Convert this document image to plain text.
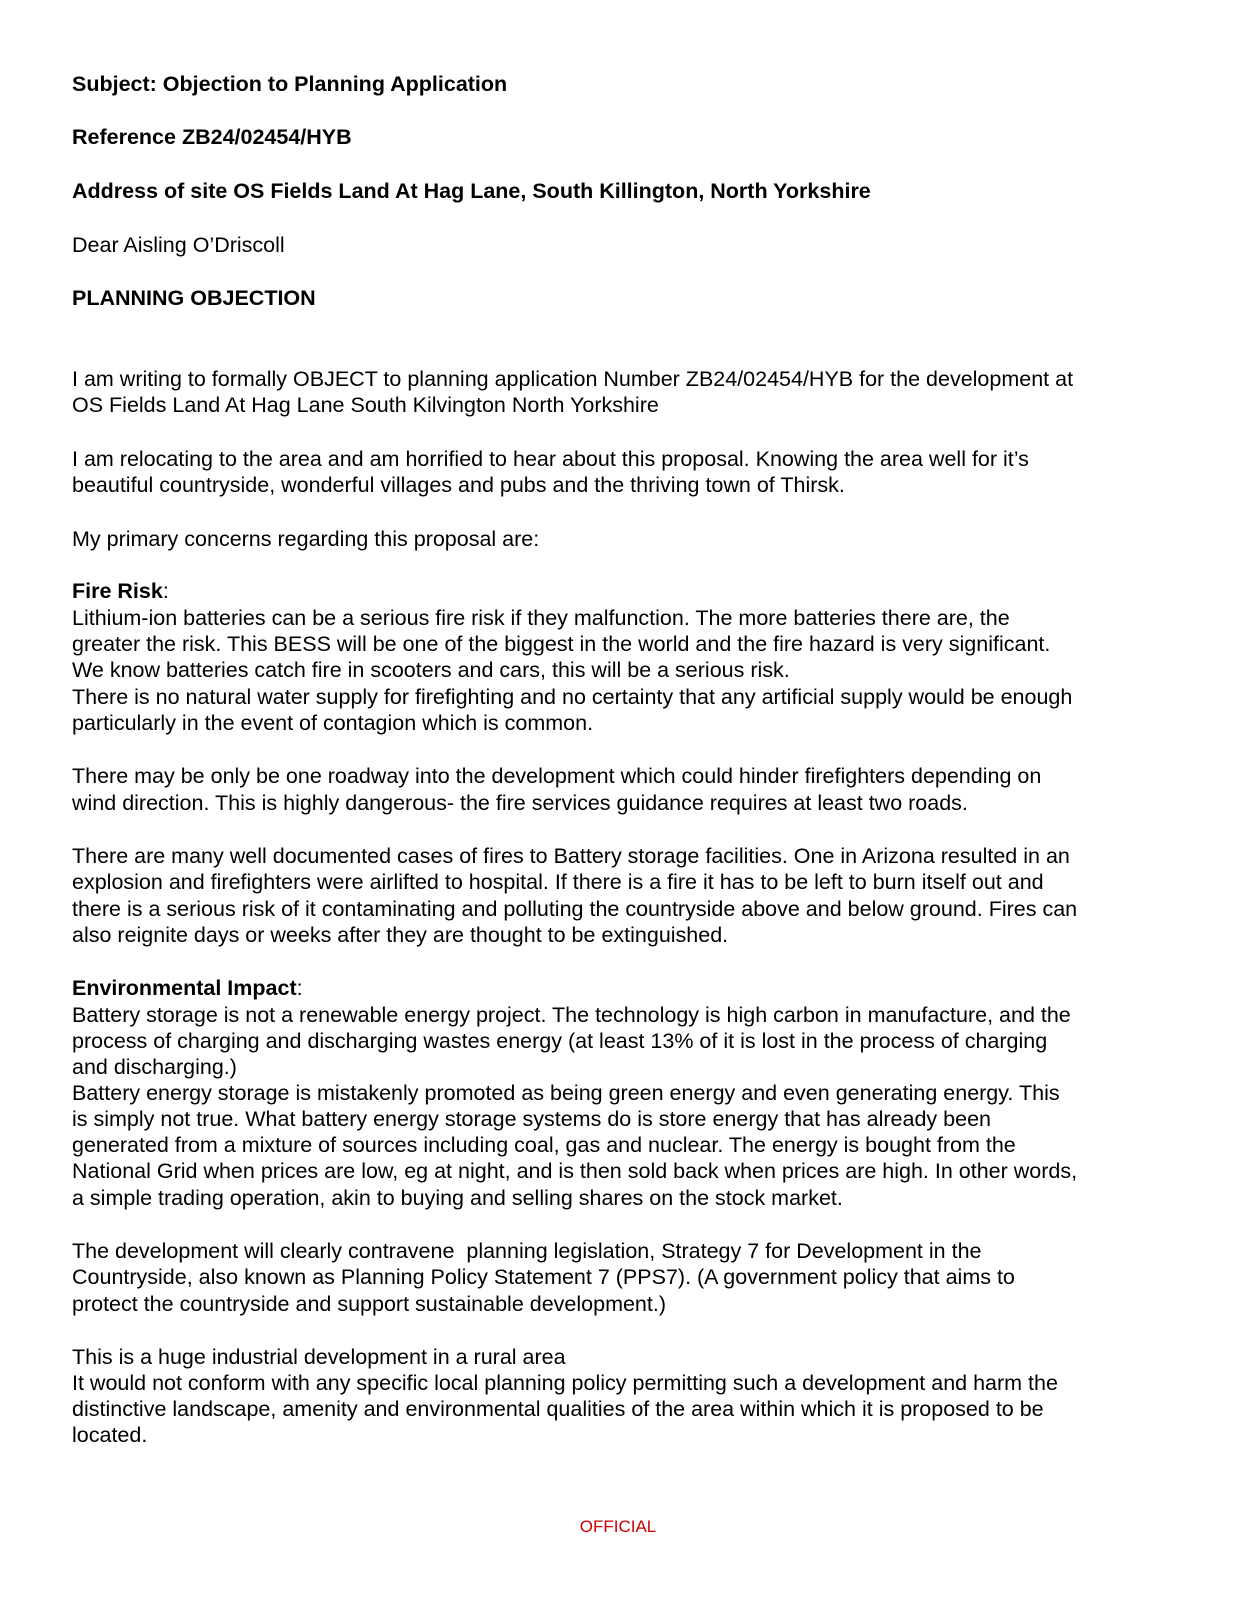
Subject: Objection to Planning Application
Reference ZB24/02454/HYB
Address of site OS Fields Land At Hag Lane, South Killington, North Yorkshire
Dear Aisling O’Driscoll
PLANNING OBJECTION
I am writing to formally OBJECT to planning application Number ZB24/02454/HYB for the development at
OS Fields Land At Hag Lane South Kilvington North Yorkshire
I am relocating to the area and am horrified to hear about this proposal. Knowing the area well for it’s
beautiful countryside, wonderful villages and pubs and the thriving town of Thirsk.
My primary concerns regarding this proposal are:
Fire Risk:
Lithium-ion batteries can be a serious fire risk if they malfunction. The more batteries there are, the
greater the risk. This BESS will be one of the biggest in the world and the fire hazard is very significant.
We know batteries catch fire in scooters and cars, this will be a serious risk.
There is no natural water supply for firefighting and no certainty that any artificial supply would be enough
particularly in the event of contagion which is common.
There may be only be one roadway into the development which could hinder firefighters depending on
wind direction. This is highly dangerous- the fire services guidance requires at least two roads.
There are many well documented cases of fires to Battery storage facilities. One in Arizona resulted in an
explosion and firefighters were airlifted to hospital. If there is a fire it has to be left to burn itself out and
there is a serious risk of it contaminating and polluting the countryside above and below ground. Fires can
also reignite days or weeks after they are thought to be extinguished.
Environmental Impact:
Battery storage is not a renewable energy project. The technology is high carbon in manufacture, and the
process of charging and discharging wastes energy (at least 13% of it is lost in the process of charging
and discharging.)
Battery energy storage is mistakenly promoted as being green energy and even generating energy. This
is simply not true. What battery energy storage systems do is store energy that has already been
generated from a mixture of sources including coal, gas and nuclear. The energy is bought from the
National Grid when prices are low, eg at night, and is then sold back when prices are high. In other words,
a simple trading operation, akin to buying and selling shares on the stock market.
The development will clearly contravene  planning legislation, Strategy 7 for Development in the
Countryside, also known as Planning Policy Statement 7 (PPS7). (A government policy that aims to
protect the countryside and support sustainable development.)
This is a huge industrial development in a rural area
It would not conform with any specific local planning policy permitting such a development and harm the
distinctive landscape, amenity and environmental qualities of the area within which it is proposed to be
located.
OFFICIAL
